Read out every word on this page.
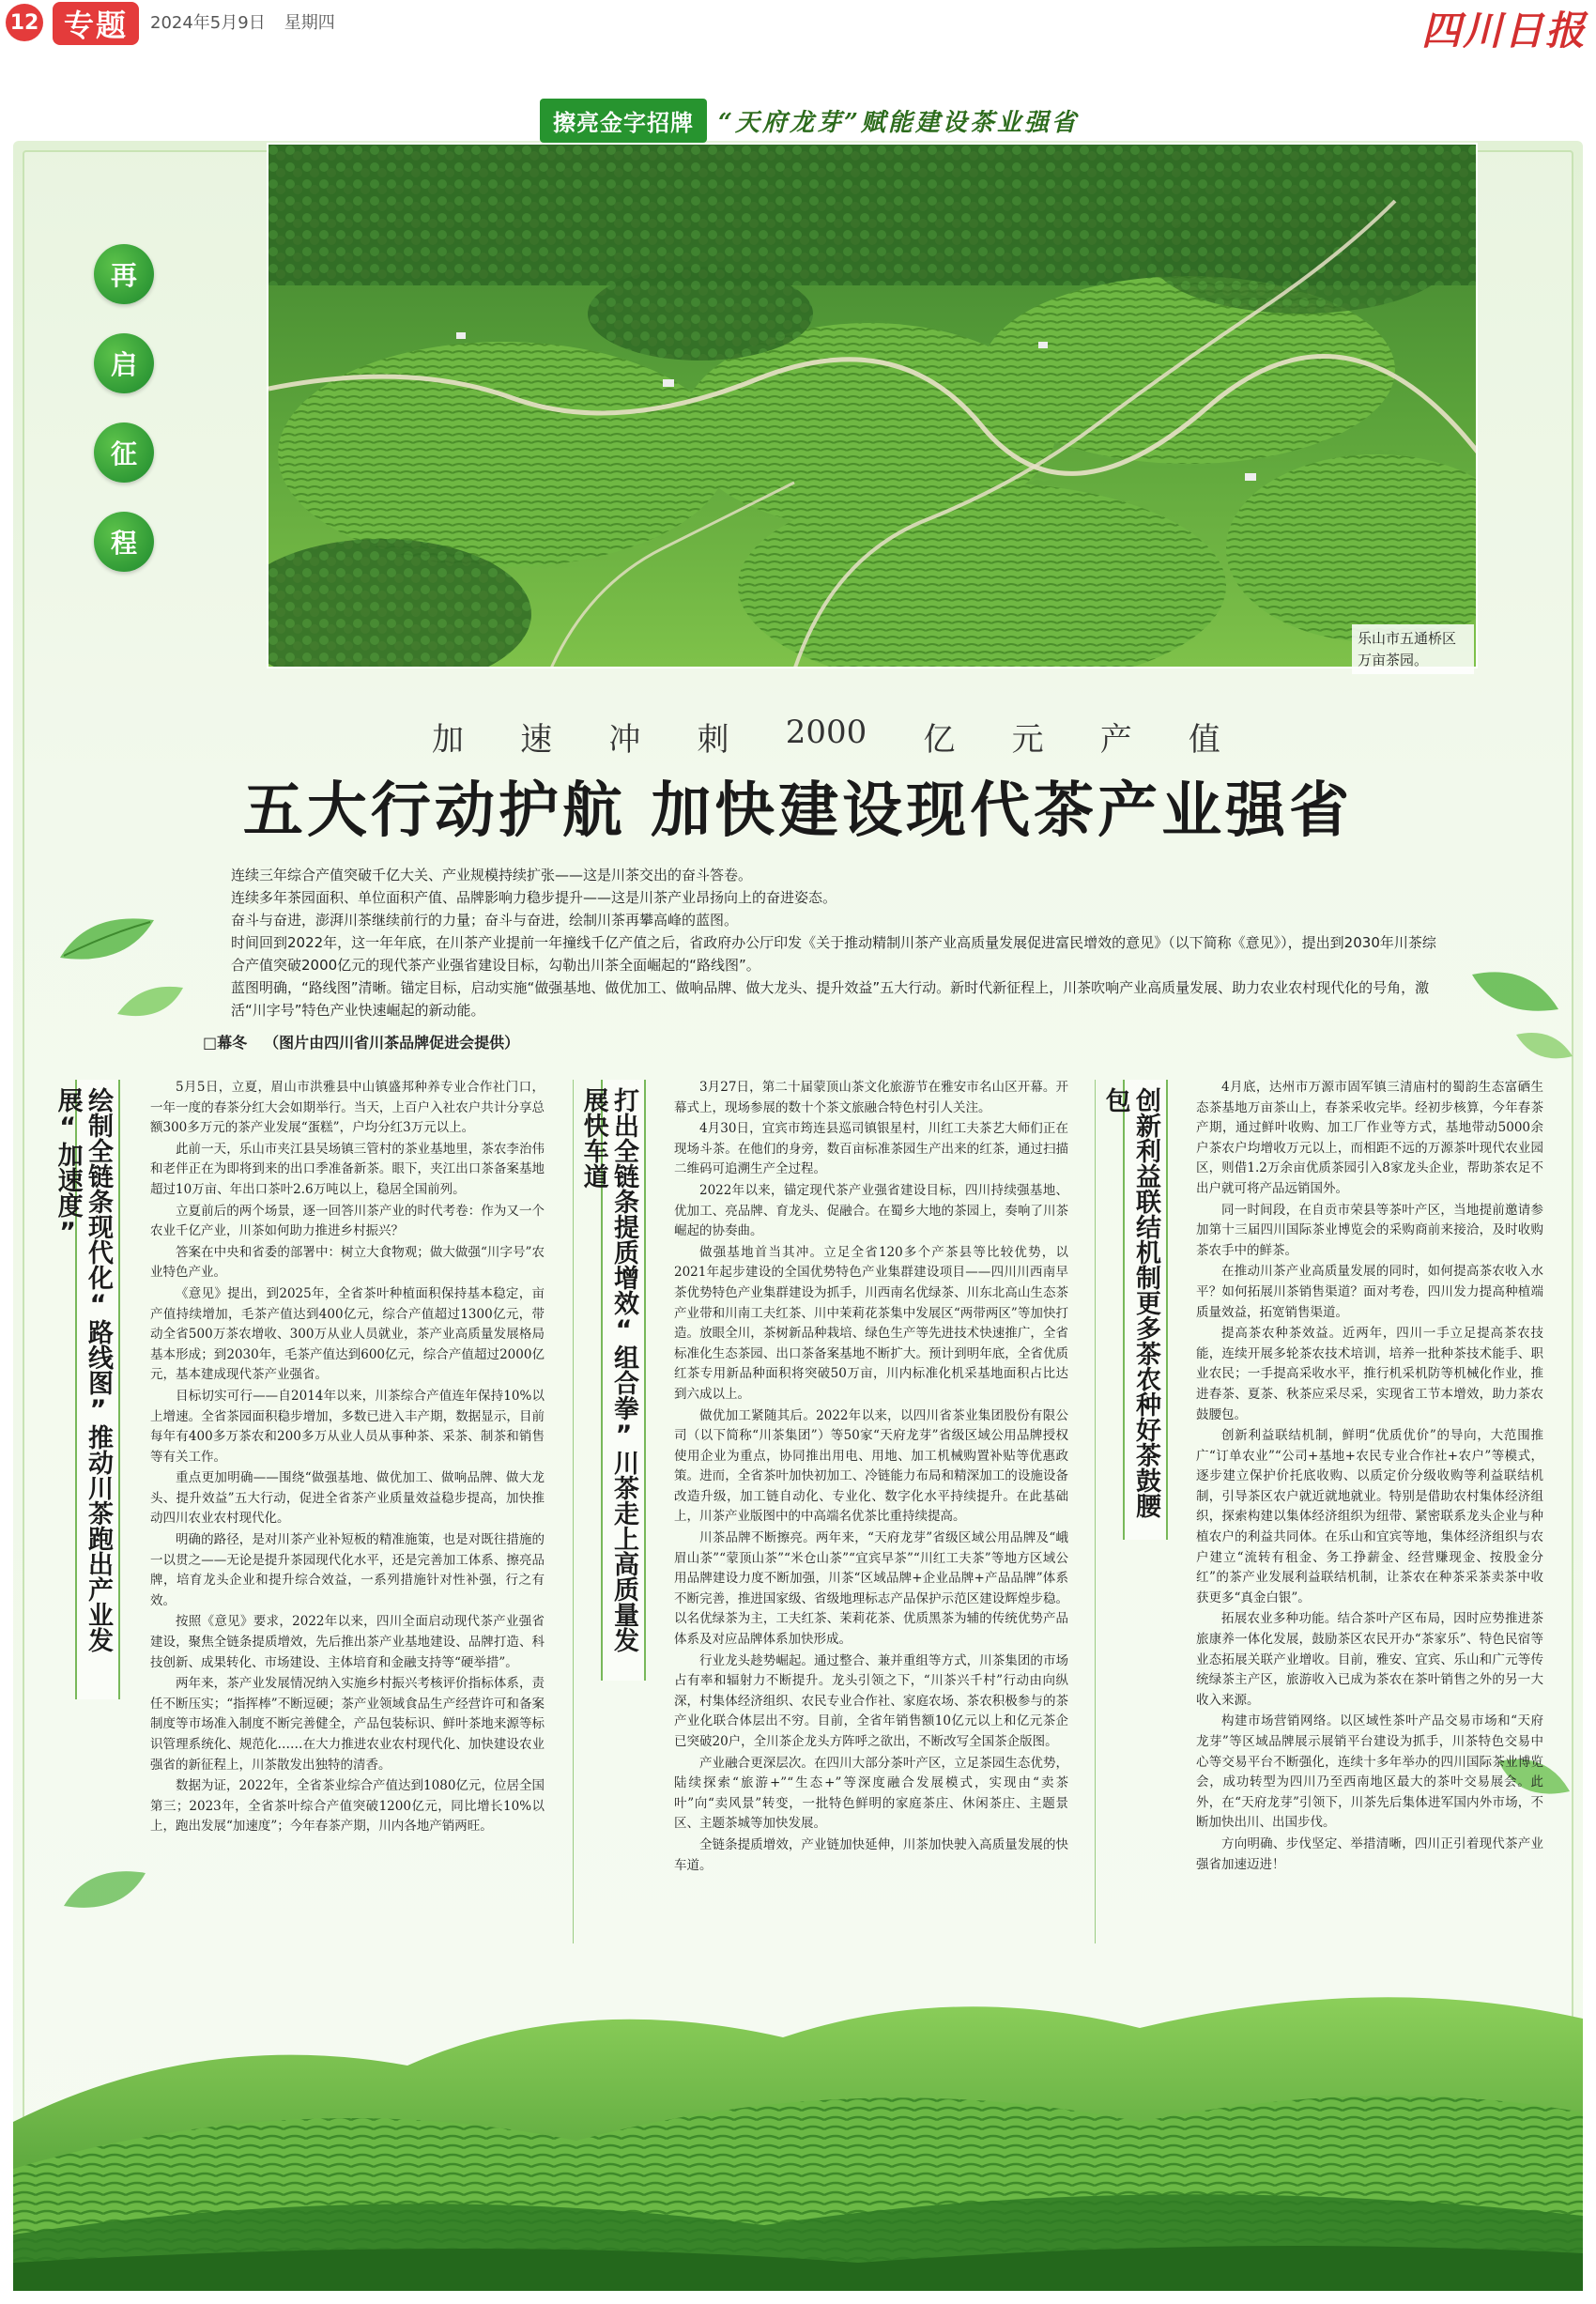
12 专题	2024年5月9日 星期四	四川日报
擦亮金字招牌	“天府龙芽”赋能建设茶业强省
乐山市五通桥区万亩茶园。
再
启
征
程
加 速 冲 刺 2000 亿 元 产 值
五大行动护航 加快建设现代茶产业强省

连续三年综合产值突破千亿大关、产业规模持续扩张——这是川茶交出的奋斗答卷。

连续多年茶园面积、单位面积产值、品牌影响力稳步提升——这是川茶产业昂扬向上的奋进姿态。

奋斗与奋进，澎湃川茶继续前行的力量；奋斗与奋进，绘制川茶再攀高峰的蓝图。

时间回到2022年，这一年年底，在川茶产业提前一年撞线千亿产值之后，省政府办公厅印发《关于推动精制川茶产业高质量发展促进富民增效的意见》（以下简称《意见》），提出到2030年川茶综合产值突破2000亿元的现代茶产业强省建设目标，勾勒出川茶全面崛起的“路线图”。

蓝图明确，“路线图”清晰。锚定目标，启动实施“做强基地、做优加工、做响品牌、做大龙头、提升效益”五大行动。新时代新征程上，川茶吹响产业高质量发展、助力农业农村现代化的号角，激活“川字号”特色产业快速崛起的新动能。

□幕冬 （图片由四川省川茶品牌促进会提供）
绘制全链条现代化“路线图”推动川茶跑出产业发展“加速度”	5月5日，立夏，眉山市洪雅县中山镇盛邦种养专业合作社门口，一年一度的春茶分红大会如期举行。当天，上百户入社农户共计分享总额300多万元的茶产业发展“蛋糕”，户均分红3万元以上。

此前一天，乐山市夹江县吴场镇三管村的茶业基地里，茶农李治伟和老伴正在为即将到来的出口季准备新茶。眼下，夹江出口茶备案基地超过10万亩、年出口茶叶2.6万吨以上，稳居全国前列。

立夏前后的两个场景，逐一回答川茶产业的时代考卷：作为又一个农业千亿产业，川茶如何助力推进乡村振兴？

答案在中央和省委的部署中：树立大食物观；做大做强“川字号”农业特色产业。

《意见》提出，到2025年，全省茶叶种植面积保持基本稳定，亩产值持续增加，毛茶产值达到400亿元，综合产值超过1300亿元，带动全省500万茶农增收、300万从业人员就业，茶产业高质量发展格局基本形成；到2030年，毛茶产值达到600亿元，综合产值超过2000亿元，基本建成现代茶产业强省。

目标切实可行——自2014年以来，川茶综合产值连年保持10%以上增速。全省茶园面积稳步增加，多数已进入丰产期，数据显示，目前每年有400多万茶农和200多万从业人员从事种茶、采茶、制茶和销售等有关工作。

重点更加明确——围绕“做强基地、做优加工、做响品牌、做大龙头、提升效益”五大行动，促进全省茶产业质量效益稳步提高，加快推动四川农业农村现代化。

明确的路径，是对川茶产业补短板的精准施策，也是对既往措施的一以贯之——无论是提升茶园现代化水平，还是完善加工体系、擦亮品牌，培育龙头企业和提升综合效益，一系列措施针对性补强，行之有效。

按照《意见》要求，2022年以来，四川全面启动现代茶产业强省建设，聚焦全链条提质增效，先后推出茶产业基地建设、品牌打造、科技创新、成果转化、市场建设、主体培育和金融支持等“硬举措”。

两年来，茶产业发展情况纳入实施乡村振兴考核评价指标体系，责任不断压实；“指挥棒”不断逗硬；茶产业领域食品生产经营许可和备案制度等市场准入制度不断完善健全，产品包装标识、鲜叶茶地来源等标识管理系统化、规范化……在大力推进农业农村现代化、加快建设农业强省的新征程上，川茶散发出独特的清香。

数据为证，2022年，全省茶业综合产值达到1080亿元，位居全国第三；2023年，全省茶叶综合产值突破1200亿元，同比增长10%以上，跑出发展“加速度”；今年春茶产期，川内各地产销两旺。

打出全链条提质增效“组合拳”川茶走上高质量发展快车道	3月27日，第二十届蒙顶山茶文化旅游节在雅安市名山区开幕。开幕式上，现场参展的数十个茶文旅融合特色村引人关注。

4月30日，宜宾市筠连县巡司镇银星村，川红工夫茶艺大师们正在现场斗茶。在他们的身旁，数百亩标准茶园生产出来的红茶，通过扫描二维码可追溯生产全过程。

2022年以来，锚定现代茶产业强省建设目标，四川持续强基地、优加工、亮品牌、育龙头、促融合。在蜀乡大地的茶园上，奏响了川茶崛起的协奏曲。

做强基地首当其冲。立足全省120多个产茶县等比较优势，以2021年起步建设的全国优势特色产业集群建设项目——四川川西南早茶优势特色产业集群建设为抓手，川西南名优绿茶、川东北高山生态茶产业带和川南工夫红茶、川中茉莉花茶集中发展区“两带两区”等加快打造。放眼全川，茶树新品种栽培、绿色生产等先进技术快速推广，全省标准化生态茶园、出口茶备案基地不断扩大。预计到明年底，全省优质红茶专用新品种面积将突破50万亩，川内标准化机采基地面积占比达到六成以上。

做优加工紧随其后。2022年以来，以四川省茶业集团股份有限公司（以下简称“川茶集团”）等50家“天府龙芽”省级区域公用品牌授权使用企业为重点，协同推出用电、用地、加工机械购置补贴等优惠政策。进而，全省茶叶加快初加工、冷链能力布局和精深加工的设施设备改造升级，加工链自动化、专业化、数字化水平持续提升。在此基础上，川茶产业版图中的中高端名优茶比重持续提高。

川茶品牌不断擦亮。两年来，“天府龙芽”省级区域公用品牌及“峨眉山茶”“蒙顶山茶”“米仓山茶”“宜宾早茶”“川红工夫茶”等地方区域公用品牌建设力度不断加强，川茶“区域品牌+企业品牌+产品品牌”体系不断完善，推进国家级、省级地理标志产品保护示范区建设辉煌步稳。以名优绿茶为主，工夫红茶、茉莉花茶、优质黑茶为辅的传统优势产品体系及对应品牌体系加快形成。

行业龙头趁势崛起。通过整合、兼并重组等方式，川茶集团的市场占有率和辐射力不断提升。龙头引领之下，“川茶兴千村”行动由向纵深，村集体经济组织、农民专业合作社、家庭农场、茶农积极参与的茶产业化联合体层出不穷。目前，全省年销售额10亿元以上和亿元茶企已突破20户，全川茶企龙头方阵呼之欲出，不断改写全国茶企版图。

产业融合更深层次。在四川大部分茶叶产区，立足茶园生态优势，陆续探索“旅游+”“生态+”等深度融合发展模式，实现由“卖茶叶”向“卖风景”转变，一批特色鲜明的家庭茶庄、休闲茶庄、主题景区、主题茶城等加快发展。

全链条提质增效，产业链加快延伸，川茶加快驶入高质量发展的快车道。

创新利益联结机制更多茶农种好茶鼓腰包	4月底，达州市万源市固军镇三清庙村的蜀韵生态富硒生态茶基地万亩茶山上，春茶采收完毕。经初步核算，今年春茶产期，通过鲜叶收购、加工厂作业等方式，基地带动5000余户茶农户均增收万元以上，而相距不远的万源茶叶现代农业园区，则借1.2万余亩优质茶园引入8家龙头企业，帮助茶农足不出户就可将产品远销国外。

同一时间段，在自贡市荣县等茶叶产区，当地提前邀请参加第十三届四川国际茶业博览会的采购商前来接洽，及时收购茶农手中的鲜茶。

在推动川茶产业高质量发展的同时，如何提高茶农收入水平？如何拓展川茶销售渠道？面对考卷，四川发力提高种植端质量效益，拓宽销售渠道。

提高茶农种茶效益。近两年，四川一手立足提高茶农技能，连续开展多轮茶农技术培训，培养一批种茶技术能手、职业农民；一手提高采收水平，推行机采机防等机械化作业，推进春茶、夏茶、秋茶应采尽采，实现省工节本增效，助力茶农鼓腰包。

创新利益联结机制，鲜明“优质优价”的导向，大范围推广“订单农业”“公司+基地+农民专业合作社+农户”等模式，逐步建立保护价托底收购、以质定价分级收购等利益联结机制，引导茶区农户就近就地就业。特别是借助农村集体经济组织，探索构建以集体经济组织为纽带、紧密联系龙头企业与种植农户的利益共同体。在乐山和宜宾等地，集体经济组织与农户建立“流转有租金、务工挣薪金、经营赚现金、按股金分红”的茶产业发展利益联结机制，让茶农在种茶采茶卖茶中收获更多“真金白银”。

拓展农业多种功能。结合茶叶产区布局，因时应势推进茶旅康养一体化发展，鼓励茶区农民开办“茶家乐”、特色民宿等业态拓展关联产业增收。目前，雅安、宜宾、乐山和广元等传统绿茶主产区，旅游收入已成为茶农在茶叶销售之外的另一大收入来源。

构建市场营销网络。以区域性茶叶产品交易市场和“天府龙芽”等区域品牌展示展销平台建设为抓手，川茶特色交易中心等交易平台不断强化，连续十多年举办的四川国际茶业博览会，成功转型为四川乃至西南地区最大的茶叶交易展会。此外，在“天府龙芽”引领下，川茶先后集体进军国内外市场，不断加快出川、出国步伐。

方向明确、步伐坚定、举措清晰，四川正引着现代茶产业强省加速迈进！
